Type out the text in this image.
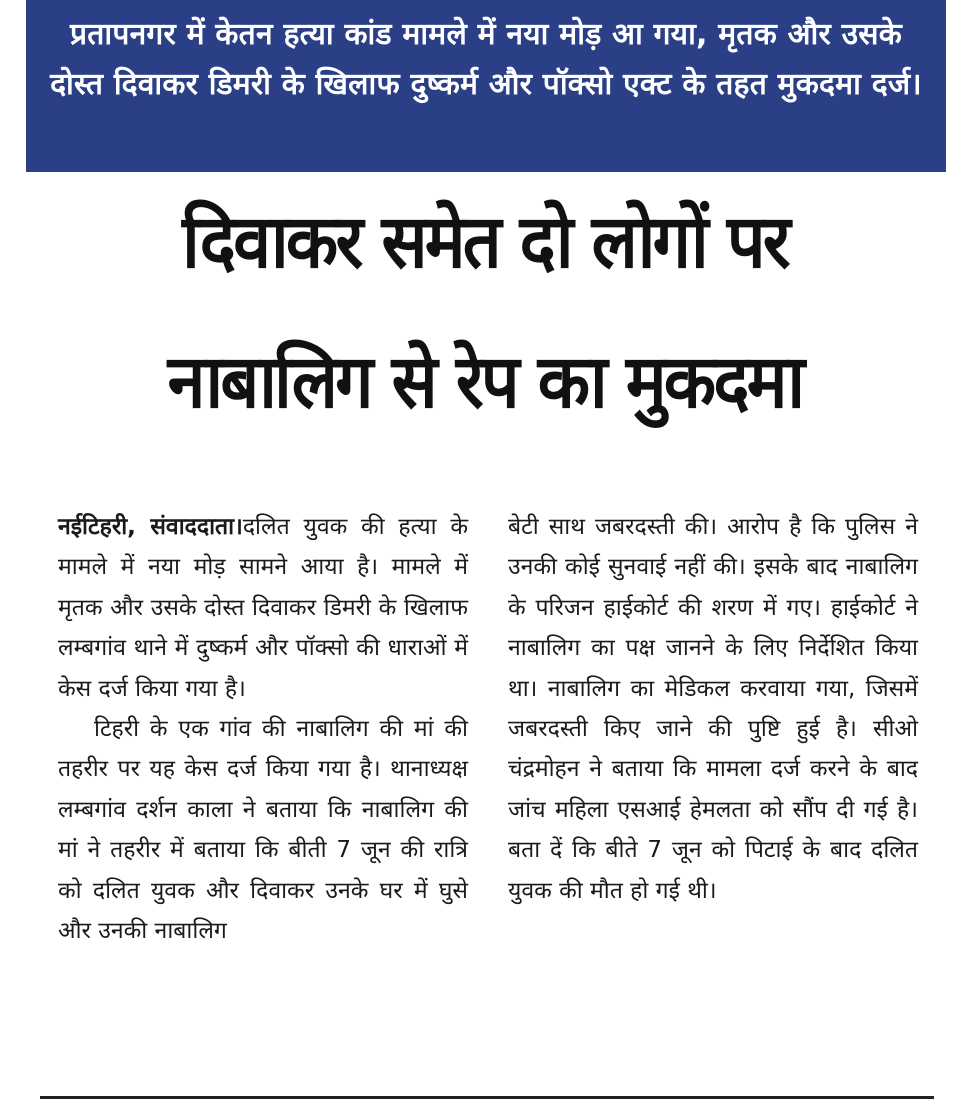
प्रतापनगर में केतन हत्या कांड मामले में नया मोड़ आ गया, मृतक और उसके दोस्त दिवाकर डिमरी के खिलाफ दुष्कर्म और पॉक्सो एक्ट के तहत मुकदमा दर्ज।
दिवाकर समेत दो लोगों पर
नाबालिग से रेप का मुकदमा

नईटिहरी, संवाददाता।दलित युवक की हत्या के मामले में नया मोड़ सामने आया है। मामले में मृतक और उसके दोस्त दिवाकर डिमरी के खिलाफ लम्बगांव थाने में दुष्कर्म और पॉक्सो की धाराओं में केस दर्ज किया गया है।

टिहरी के एक गांव की नाबालिग की मां की तहरीर पर यह केस दर्ज किया गया है। थानाध्यक्ष लम्बगांव दर्शन काला ने बताया कि नाबालिग की मां ने तहरीर में बताया कि बीती 7 जून की रात्रि को दलित युवक और दिवाकर उनके घर में घुसे और उनकी नाबालिग

बेटी साथ जबरदस्ती की। आरोप है कि पुलिस ने उनकी कोई सुनवाई नहीं की। इसके बाद नाबालिग के परिजन हाईकोर्ट की शरण में गए। हाईकोर्ट ने नाबालिग का पक्ष जानने के लिए निर्देशित किया था। नाबालिग का मेडिकल करवाया गया, जिसमें जबरदस्ती किए जाने की पुष्टि हुई है। सीओ चंद्रमोहन ने बताया कि मामला दर्ज करने के बाद जांच महिला एसआई हेमलता को सौंप दी गई है। बता दें कि बीते 7 जून को पिटाई के बाद दलित युवक की मौत हो गई थी।
